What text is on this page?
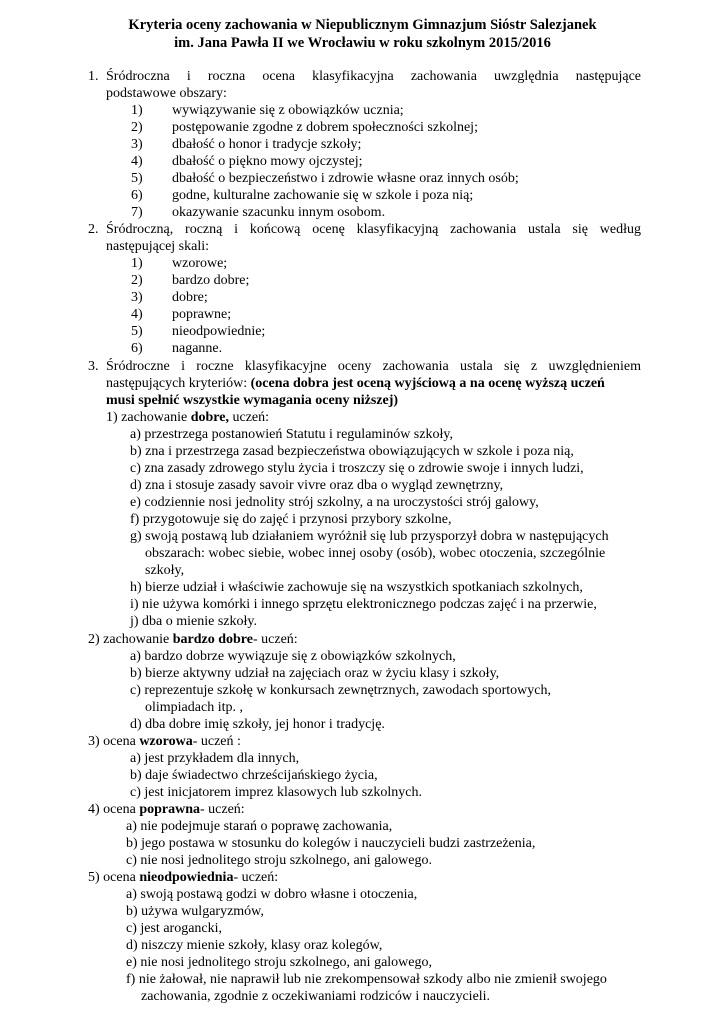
Kryteria oceny zachowania w Niepublicznym Gimnazjum Sióstr Salezjanek
im. Jana Pawła II we Wrocławiu w roku szkolnym 2015/2016
1. Śródroczna i roczna ocena klasyfikacyjna zachowania uwzględnia następujące
podstawowe obszary:
1) wywiązywanie się z obowiązków ucznia;
2) postępowanie zgodne z dobrem społeczności szkolnej;
3) dbałość o honor i tradycje szkoły;
4) dbałość o piękno mowy ojczystej;
5) dbałość o bezpieczeństwo i zdrowie własne oraz innych osób;
6) godne, kulturalne zachowanie się w szkole i poza nią;
7) okazywanie szacunku innym osobom.
2. Śródroczną, roczną i końcową ocenę klasyfikacyjną zachowania ustala się według
następującej skali:
1) wzorowe;
2) bardzo dobre;
3) dobre;
4) poprawne;
5) nieodpowiednie;
6) naganne.
3. Śródroczne i roczne klasyfikacyjne oceny zachowania ustala się z uwzględnieniem
następujących kryteriów: (ocena dobra jest oceną wyjściową a na ocenę wyższą uczeń
musi spełnić wszystkie wymagania oceny niższej)
1) zachowanie dobre, uczeń:
a) przestrzega postanowień Statutu i regulaminów szkoły,
b) zna i przestrzega zasad bezpieczeństwa obowiązujących w szkole i poza nią,
c) zna zasady zdrowego stylu życia i troszczy się o zdrowie swoje i innych ludzi,
d) zna i stosuje zasady savoir vivre oraz dba o wygląd zewnętrzny,
e) codziennie nosi jednolity strój szkolny, a na uroczystości strój galowy,
f) przygotowuje się do zajęć i przynosi przybory szkolne,
g) swoją postawą lub działaniem wyróżnił się lub przysporzył dobra w następujących
obszarach: wobec siebie, wobec innej osoby (osób), wobec otoczenia, szczególnie
szkoły,
h) bierze udział i właściwie zachowuje się na wszystkich spotkaniach szkolnych,
i) nie używa komórki i innego sprzętu elektronicznego podczas zajęć i na przerwie,
j) dba o mienie szkoły.
2) zachowanie bardzo dobre- uczeń:
a) bardzo dobrze wywiązuje się z obowiązków szkolnych,
b) bierze aktywny udział na zajęciach oraz w życiu klasy i szkoły,
c) reprezentuje szkołę w konkursach zewnętrznych, zawodach sportowych,
olimpiadach itp. ,
d) dba dobre imię szkoły, jej honor i tradycję.
3) ocena wzorowa- uczeń :
a) jest przykładem dla innych,
b) daje świadectwo chrześcijańskiego życia,
c) jest inicjatorem imprez klasowych lub szkolnych.
4) ocena poprawna- uczeń:
a) nie podejmuje starań o poprawę zachowania,
b) jego postawa w stosunku do kolegów i nauczycieli budzi zastrzeżenia,
c) nie nosi jednolitego stroju szkolnego, ani galowego.
5) ocena nieodpowiednia- uczeń:
a) swoją postawą godzi w dobro własne i otoczenia,
b) używa wulgaryzmów,
c) jest arogancki,
d) niszczy mienie szkoły, klasy oraz kolegów,
e) nie nosi jednolitego stroju szkolnego, ani galowego,
f) nie żałował, nie naprawił lub nie zrekompensował szkody albo nie zmienił swojego
zachowania, zgodnie z oczekiwaniami rodziców i nauczycieli.
